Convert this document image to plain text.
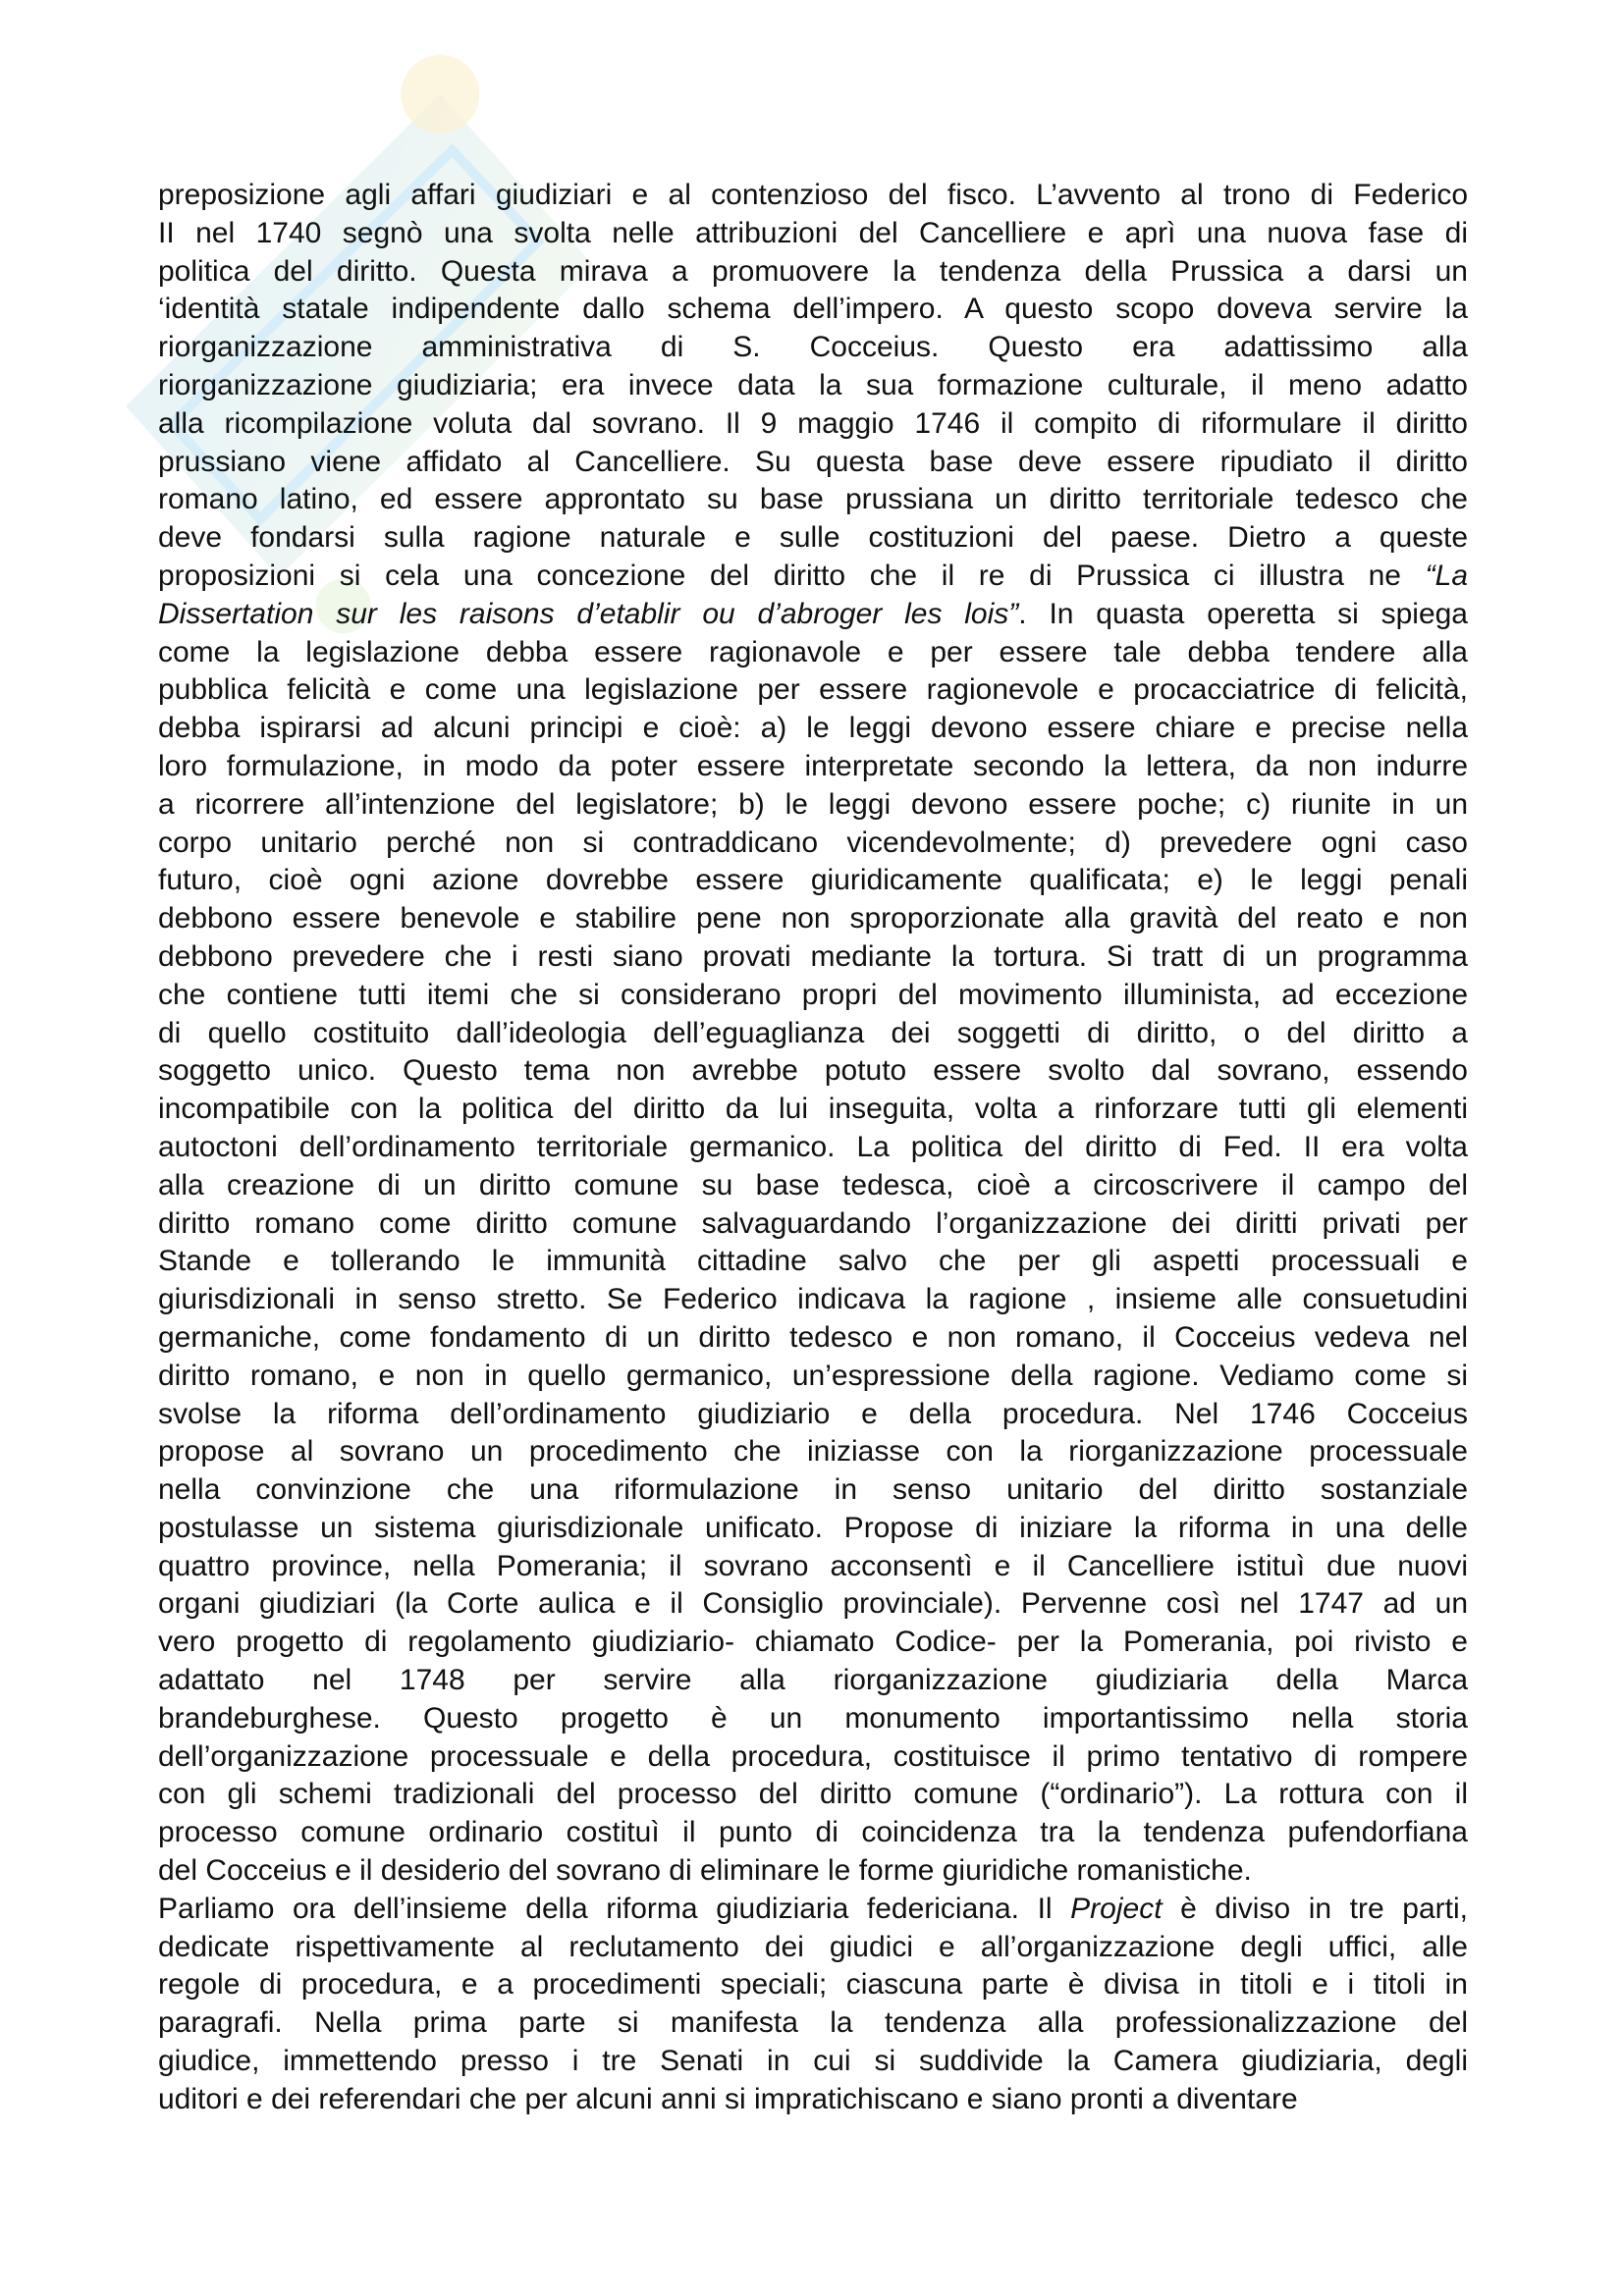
preposizione agli affari giudiziari e al contenzioso del fisco. L’avvento al trono di Federico
II nel 1740 segnò una svolta nelle attribuzioni del Cancelliere e aprì una nuova fase di
politica del diritto. Questa mirava a promuovere la tendenza della Prussica a darsi un
‘identità statale indipendente dallo schema dell’impero. A questo scopo doveva servire la
riorganizzazione amministrativa di S. Cocceius. Questo era adattissimo alla
riorganizzazione giudiziaria; era invece data la sua formazione culturale, il meno adatto
alla ricompilazione voluta dal sovrano. Il 9 maggio 1746 il compito di riformulare il diritto
prussiano viene affidato al Cancelliere. Su questa base deve essere ripudiato il diritto
romano latino, ed essere approntato su base prussiana un diritto territoriale tedesco che
deve fondarsi sulla ragione naturale e sulle costituzioni del paese. Dietro a queste
proposizioni si cela una concezione del diritto che il re di Prussica ci illustra ne “La
Dissertation sur les raisons d’etablir ou d’abroger les lois”. In quasta operetta si spiega
come la legislazione debba essere ragionavole e per essere tale debba tendere alla
pubblica felicità e come una legislazione per essere ragionevole e procacciatrice di felicità,
debba ispirarsi ad alcuni principi e cioè: a) le leggi devono essere chiare e precise nella
loro formulazione, in modo da poter essere interpretate secondo la lettera, da non indurre
a ricorrere all’intenzione del legislatore; b) le leggi devono essere poche; c) riunite in un
corpo unitario perché non si contraddicano vicendevolmente; d) prevedere ogni caso
futuro, cioè ogni azione dovrebbe essere giuridicamente qualificata; e) le leggi penali
debbono essere benevole e stabilire pene non sproporzionate alla gravità del reato e non
debbono prevedere che i resti siano provati mediante la tortura. Si tratt di un programma
che contiene tutti itemi che si considerano propri del movimento illuminista, ad eccezione
di quello costituito dall’ideologia dell’eguaglianza dei soggetti di diritto, o del diritto a
soggetto unico. Questo tema non avrebbe potuto essere svolto dal sovrano, essendo
incompatibile con la politica del diritto da lui inseguita, volta a rinforzare tutti gli elementi
autoctoni dell’ordinamento territoriale germanico. La politica del diritto di Fed. II era volta
alla creazione di un diritto comune su base tedesca, cioè a circoscrivere il campo del
diritto romano come diritto comune salvaguardando l’organizzazione dei diritti privati per
Stande e tollerando le immunità cittadine salvo che per gli aspetti processuali e
giurisdizionali in senso stretto. Se Federico indicava la ragione , insieme alle consuetudini
germaniche, come fondamento di un diritto tedesco e non romano, il Cocceius vedeva nel
diritto romano, e non in quello germanico, un’espressione della ragione. Vediamo come si
svolse la riforma dell’ordinamento giudiziario e della procedura. Nel 1746 Cocceius
propose al sovrano un procedimento che iniziasse con la riorganizzazione processuale
nella convinzione che una riformulazione in senso unitario del diritto sostanziale
postulasse un sistema giurisdizionale unificato. Propose di iniziare la riforma in una delle
quattro province, nella Pomerania; il sovrano acconsentì e il Cancelliere istituì due nuovi
organi giudiziari (la Corte aulica e il Consiglio provinciale). Pervenne così nel 1747 ad un
vero progetto di regolamento giudiziario- chiamato Codice- per la Pomerania, poi rivisto e
adattato nel 1748 per servire alla riorganizzazione giudiziaria della Marca
brandeburghese. Questo progetto è un monumento importantissimo nella storia
dell’organizzazione processuale e della procedura, costituisce il primo tentativo di rompere
con gli schemi tradizionali del processo del diritto comune (“ordinario”). La rottura con il
processo comune ordinario costituì il punto di coincidenza tra la tendenza pufendorfiana
del Cocceius e il desiderio del sovrano di eliminare le forme giuridiche romanistiche.
Parliamo ora dell’insieme della riforma giudiziaria federiciana. Il Project è diviso in tre parti,
dedicate rispettivamente al reclutamento dei giudici e all’organizzazione degli uffici, alle
regole di procedura, e a procedimenti speciali; ciascuna parte è divisa in titoli e i titoli in
paragrafi. Nella prima parte si manifesta la tendenza alla professionalizzazione del
giudice, immettendo presso i tre Senati in cui si suddivide la Camera giudiziaria, degli
uditori e dei referendari che per alcuni anni si impratichiscano e siano pronti a diventare
